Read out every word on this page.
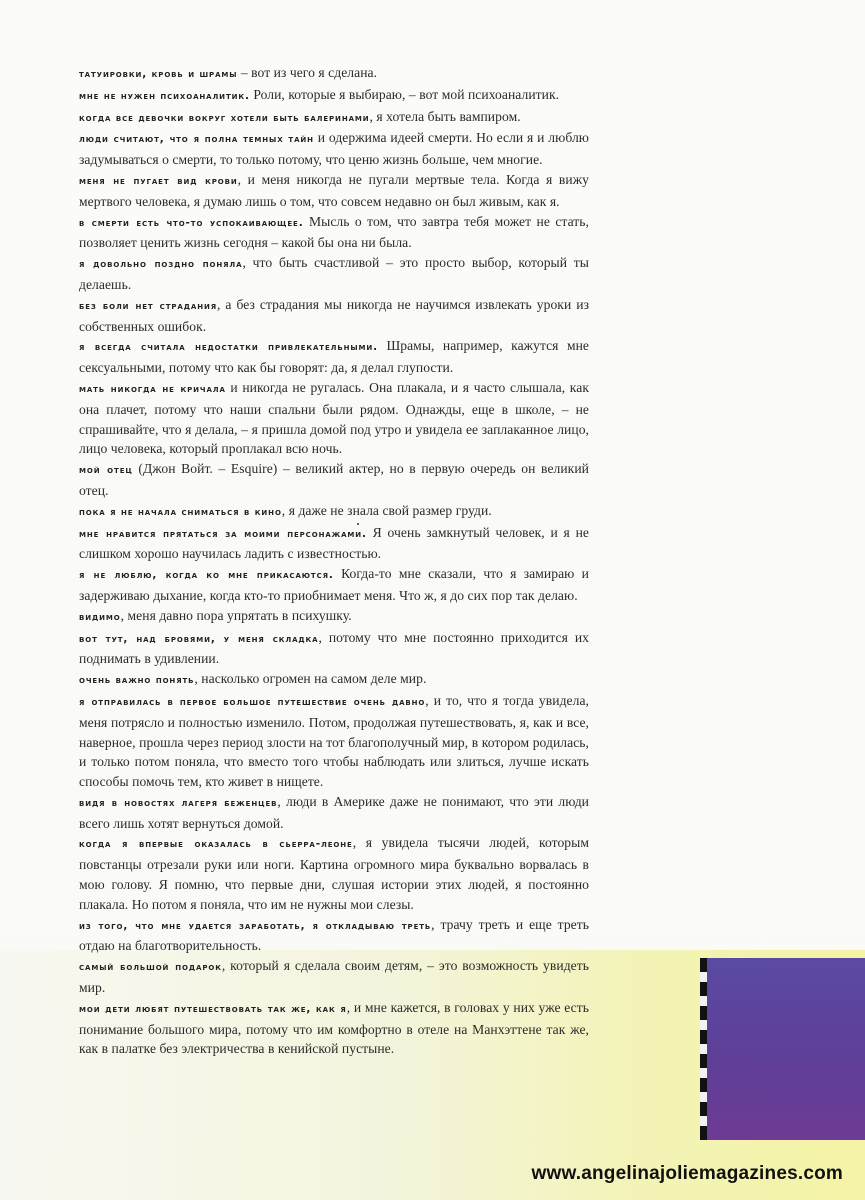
татуировки, кровь и шрамы – вот из чего я сделана.

мне не нужен психоаналитик. Роли, которые я выбираю, – вот мой психоаналитик.

когда все девочки вокруг хотели быть балеринами, я хотела быть вампиром.

люди считают, что я полна темных тайн и одержима идеей смерти. Но если я и люблю задумываться о смерти, то только потому, что ценю жизнь больше, чем многие.

меня не пугает вид крови, и меня никогда не пугали мертвые тела. Когда я вижу мертвого человека, я думаю лишь о том, что совсем недавно он был живым, как я.

в смерти есть что-то успокаивающее. Мысль о том, что завтра тебя может не стать, позволяет ценить жизнь сегодня – какой бы она ни была.

я довольно поздно поняла, что быть счастливой – это просто выбор, который ты делаешь.

без боли нет страдания, а без страдания мы никогда не научимся извлекать уроки из собственных ошибок.

я всегда считала недостатки привлекательными. Шрамы, например, кажутся мне сексуальными, потому что как бы говорят: да, я делал глупости.

мать никогда не кричала и никогда не ругалась. Она плакала, и я часто слышала, как она плачет, потому что наши спальни были рядом. Однажды, еще в школе, – не спрашивайте, что я делала, – я пришла домой под утро и увидела ее заплаканное лицо, лицо человека, который проплакал всю ночь.

мой отец (Джон Войт. – Esquire) – великий актер, но в первую очередь он великий отец.

пока я не начала сниматься в кино, я даже не знала свой размер груди.

мне нравится прятаться за моими персонажами. Я очень замкнутый человек, и я не слишком хорошо научилась ладить с известностью.

я не люблю, когда ко мне прикасаются. Когда-то мне сказали, что я замираю и задерживаю дыхание, когда кто-то приобнимает меня. Что ж, я до сих пор так делаю.

видимо, меня давно пора упрятать в психушку.

вот тут, над бровями, у меня складка, потому что мне постоянно приходится их поднимать в удивлении.

очень важно понять, насколько огромен на самом деле мир.

я отправилась в первое большое путешествие очень давно, и то, что я тогда увидела, меня потрясло и полностью изменило. Потом, продолжая путешествовать, я, как и все, наверное, прошла через период злости на тот благополучный мир, в котором родилась, и только потом поняла, что вместо того чтобы наблюдать или злиться, лучше искать способы помочь тем, кто живет в нищете.

видя в новостях лагеря беженцев, люди в Америке даже не понимают, что эти люди всего лишь хотят вернуться домой.

когда я впервые оказалась в сьерра-леоне, я увидела тысячи людей, которым повстанцы отрезали руки или ноги. Картина огромного мира буквально ворвалась в мою голову. Я помню, что первые дни, слушая истории этих людей, я постоянно плакала. Но потом я поняла, что им не нужны мои слезы.

из того, что мне удается заработать, я откладываю треть, трачу треть и еще треть отдаю на благотворительность.

самый большой подарок, который я сделала своим детям, – это возможность увидеть мир.

мои дети любят путешествовать так же, как я, и мне кажется, в головах у них уже есть понимание большого мира, потому что им комфортно в отеле на Манхэттене так же, как в палатке без электричества в кенийской пустыне.

www.angelinajoliemagazines.com
